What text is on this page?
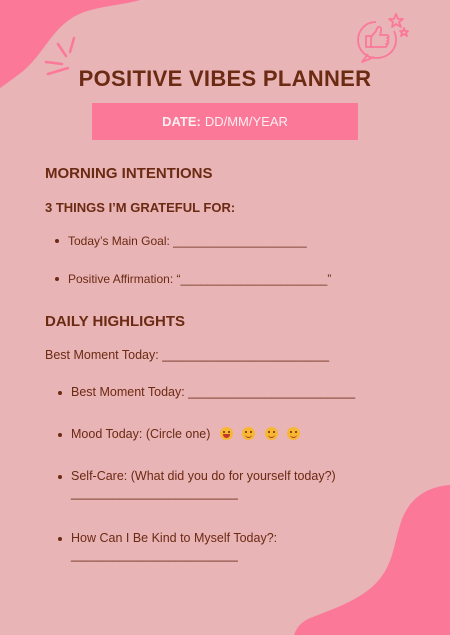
POSITIVE VIBES PLANNER
DATE: DD/MM/YEAR
MORNING INTENTIONS
3 THINGS I’M GRATEFUL FOR:
Today’s Main Goal: ____________________
Positive Affirmation: “______________________”
DAILY HIGHLIGHTS
Best Moment Today: ________________________
Best Moment Today: ________________________
Mood Today: (Circle one)

Self-Care: (What did you do for yourself today?)
________________________
How Can I Be Kind to Myself Today?:
________________________
